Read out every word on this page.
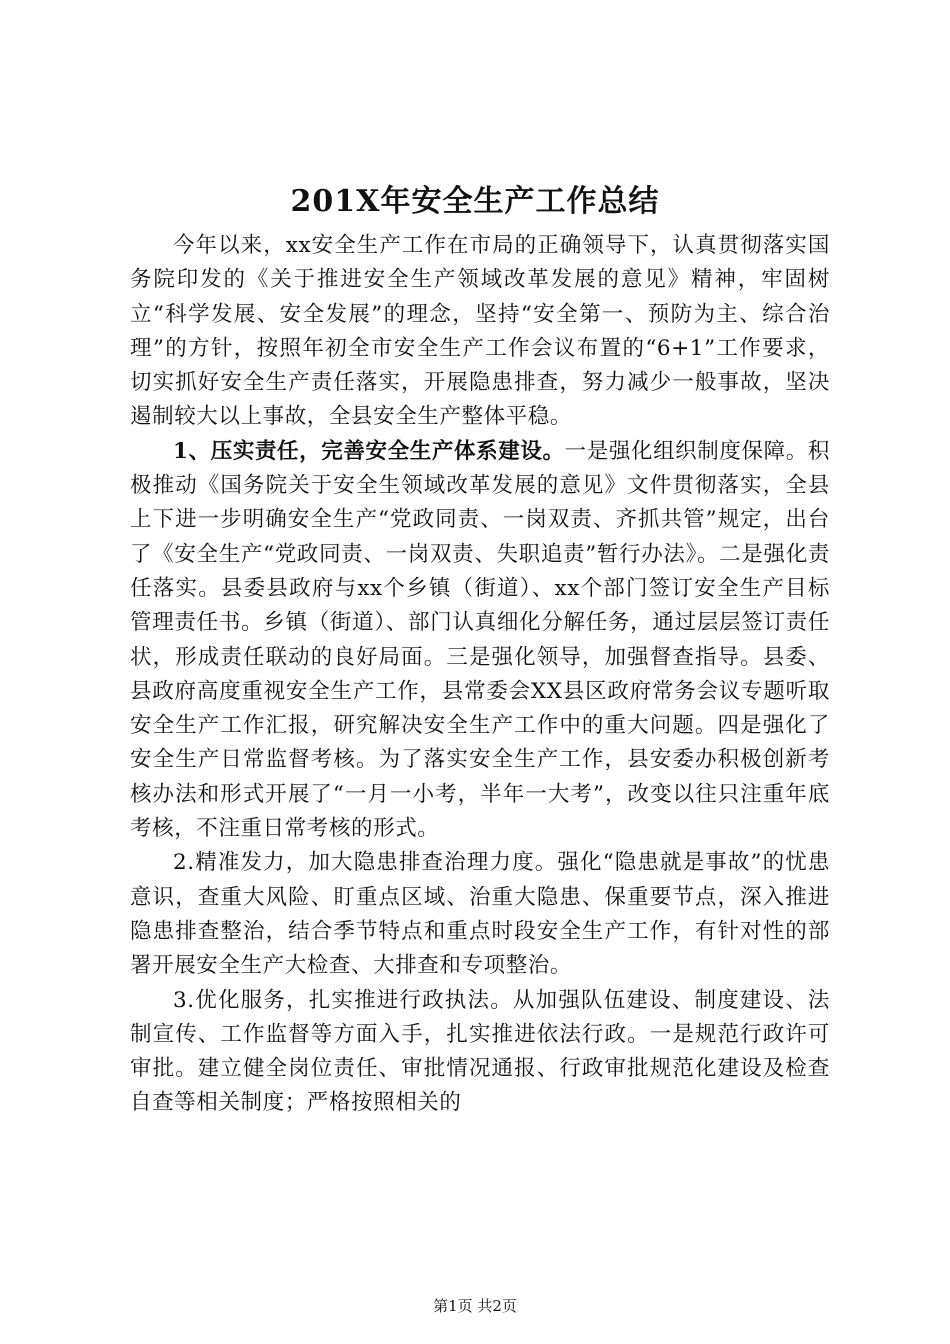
201X年安全生产工作总结

今年以来，xx安全生产工作在市局的正确领导下，认真贯彻落实国务院印发的《关于推进安全生产领域改革发展的意见》精神，牢固树立“科学发展、安全发展”的理念，坚持“安全第一、预防为主、综合治理”的方针，按照年初全市安全生产工作会议布置的“6+1”工作要求，切实抓好安全生产责任落实，开展隐患排查，努力减少一般事故，坚决遏制较大以上事故，全县安全生产整体平稳。

1、压实责任，完善安全生产体系建设。一是强化组织制度保障。积极推动《国务院关于安全生领域改革发展的意见》文件贯彻落实，全县上下进一步明确安全生产“党政同责、一岗双责、齐抓共管”规定，出台了《安全生产“党政同责、一岗双责、失职追责”暂行办法》。二是强化责任落实。县委县政府与xx个乡镇（街道）、xx个部门签订安全生产目标管理责任书。乡镇（街道）、部门认真细化分解任务，通过层层签订责任状，形成责任联动的良好局面。三是强化领导，加强督查指导。县委、县政府高度重视安全生产工作，县常委会XX县区政府常务会议专题听取安全生产工作汇报，研究解决安全生产工作中的重大问题。四是强化了安全生产日常监督考核。为了落实安全生产工作，县安委办积极创新考核办法和形式开展了“一月一小考，半年一大考”，改变以往只注重年底考核，不注重日常考核的形式。

2.精准发力，加大隐患排查治理力度。强化“隐患就是事故”的忧患意识，查重大风险、盯重点区域、治重大隐患、保重要节点，深入推进隐患排查整治，结合季节特点和重点时段安全生产工作，有针对性的部署开展安全生产大检查、大排查和专项整治。

3.优化服务，扎实推进行政执法。从加强队伍建设、制度建设、法制宣传、工作监督等方面入手，扎实推进依法行政。一是规范行政许可审批。建立健全岗位责任、审批情况通报、行政审批规范化建设及检查自查等相关制度；严格按照相关的

第1页 共2页
